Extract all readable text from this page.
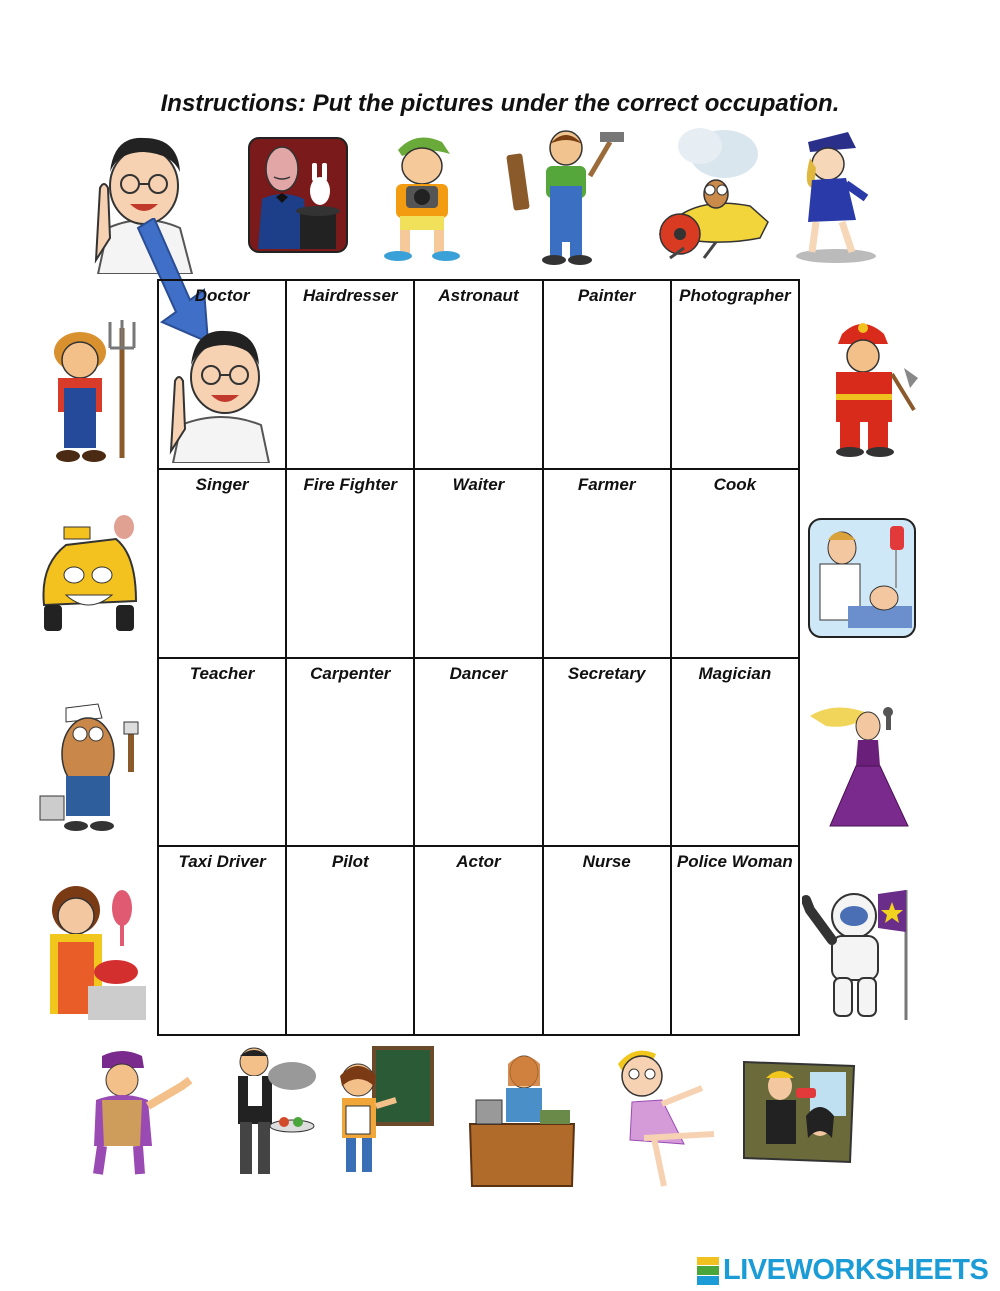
Instructions: Put the pictures under the correct occupation.
Doctor	Hairdresser	Astronaut	Painter	Photographer

Singer	Fire Fighter	Waiter	Farmer	Cook

Teacher	Carpenter	Dancer	Secretary	Magician

Taxi Driver	Pilot	Actor	Nurse	Police Woman
LIVEWORKSHEETS
